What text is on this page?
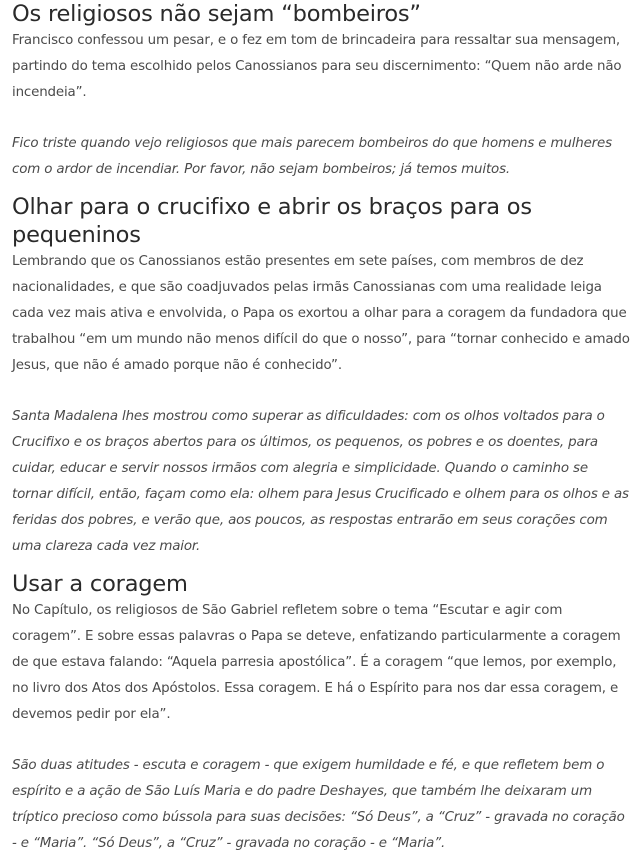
Os religiosos não sejam “bombeiros”

Francisco confessou um pesar, e o fez em tom de brincadeira para ressaltar sua mensagem, partindo do tema escolhido pelos Canossianos para seu discernimento: “Quem não arde não incendeia”.

Fico triste quando vejo religiosos que mais parecem bombeiros do que homens e mulheres com o ardor de incendiar. Por favor, não sejam bombeiros; já temos muitos.

Olhar para o crucifixo e abrir os braços para os pequeninos

Lembrando que os Canossianos estão presentes em sete países, com membros de dez nacionalidades, e que são coadjuvados pelas irmãs Canossianas com uma realidade leiga cada vez mais ativa e envolvida, o Papa os exortou a olhar para a coragem da fundadora que trabalhou “em um mundo não menos difícil do que o nosso”, para “tornar conhecido e amado Jesus, que não é amado porque não é conhecido”.

Santa Madalena lhes mostrou como superar as dificuldades: com os olhos voltados para o Crucifixo e os braços abertos para os últimos, os pequenos, os pobres e os doentes, para cuidar, educar e servir nossos irmãos com alegria e simplicidade. Quando o caminho se tornar difícil, então, façam como ela: olhem para Jesus Crucificado e olhem para os olhos e as feridas dos pobres, e verão que, aos poucos, as respostas entrarão em seus corações com uma clareza cada vez maior.

Usar a coragem

No Capítulo, os religiosos de São Gabriel refletem sobre o tema “Escutar e agir com coragem”. E sobre essas palavras o Papa se deteve, enfatizando particularmente a coragem de que estava falando: “Aquela parresia apostólica”. É a coragem “que lemos, por exemplo, no livro dos Atos dos Apóstolos. Essa coragem. E há o Espírito para nos dar essa coragem, e devemos pedir por ela”.

São duas atitudes - escuta e coragem - que exigem humildade e fé, e que refletem bem o espírito e a ação de São Luís Maria e do padre Deshayes, que também lhe deixaram um tríptico precioso como bússola para suas decisões: “Só Deus”, a “Cruz” - gravada no coração - e “Maria”. “Só Deus”, a “Cruz” - gravada no coração - e “Maria”.
